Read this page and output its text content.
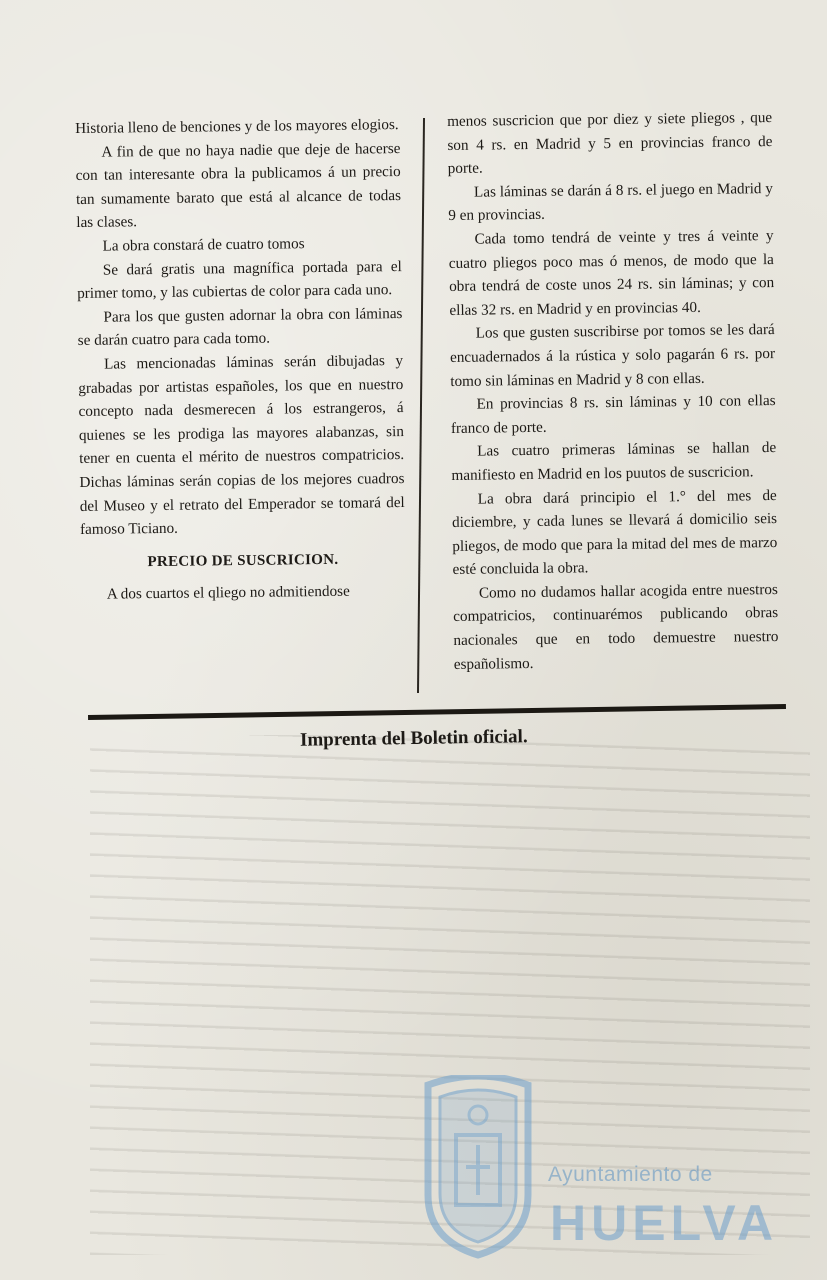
Historia lleno de benciones y de los mayores elogios.

A fin de que no haya nadie que deje de hacerse con tan interesante obra la publicamos á un precio tan sumamente barato que está al alcance de todas las clases.

La obra constará de cuatro tomos

Se dará gratis una magnífica portada para el primer tomo, y las cubiertas de color para cada uno.

Para los que gusten adornar la obra con láminas se darán cuatro para cada tomo.

Las mencionadas láminas serán dibujadas y grabadas por artistas españoles, los que en nuestro concepto nada desmerecen á los estrangeros, á quienes se les prodiga las mayores alabanzas, sin tener en cuenta el mérito de nuestros compatricios. Dichas láminas serán copias de los mejores cuadros del Museo y el retrato del Emperador se tomará del famoso Ticiano.

PRECIO DE SUSCRICION.

A dos cuartos el qliego no admitiendose

menos suscricion que por diez y siete pliegos , que son 4 rs. en Madrid y 5 en provincias franco de porte.

Las láminas se darán á 8 rs. el juego en Madrid y 9 en provincias.

Cada tomo tendrá de veinte y tres á veinte y cuatro pliegos poco mas ó menos, de modo que la obra tendrá de coste unos 24 rs. sin láminas; y con ellas 32 rs. en Madrid y en provincias 40.

Los que gusten suscribirse por tomos se les dará encuadernados á la rústica y solo pagarán 6 rs. por tomo sin láminas en Madrid y 8 con ellas.

En provincias 8 rs. sin láminas y 10 con ellas franco de porte.

Las cuatro primeras láminas se hallan de manifiesto en Madrid en los puutos de suscricion.

La obra dará principio el 1.° del mes de diciembre, y cada lunes se llevará á domicilio seis pliegos, de modo que para la mitad del mes de marzo esté concluida la obra.

Como no dudamos hallar acogida entre nuestros compatricios, continuarémos publicando obras nacionales que en todo demuestre nuestro españolismo.

Imprenta del Boletin oficial.
Ayuntamiento de
HUELVA
